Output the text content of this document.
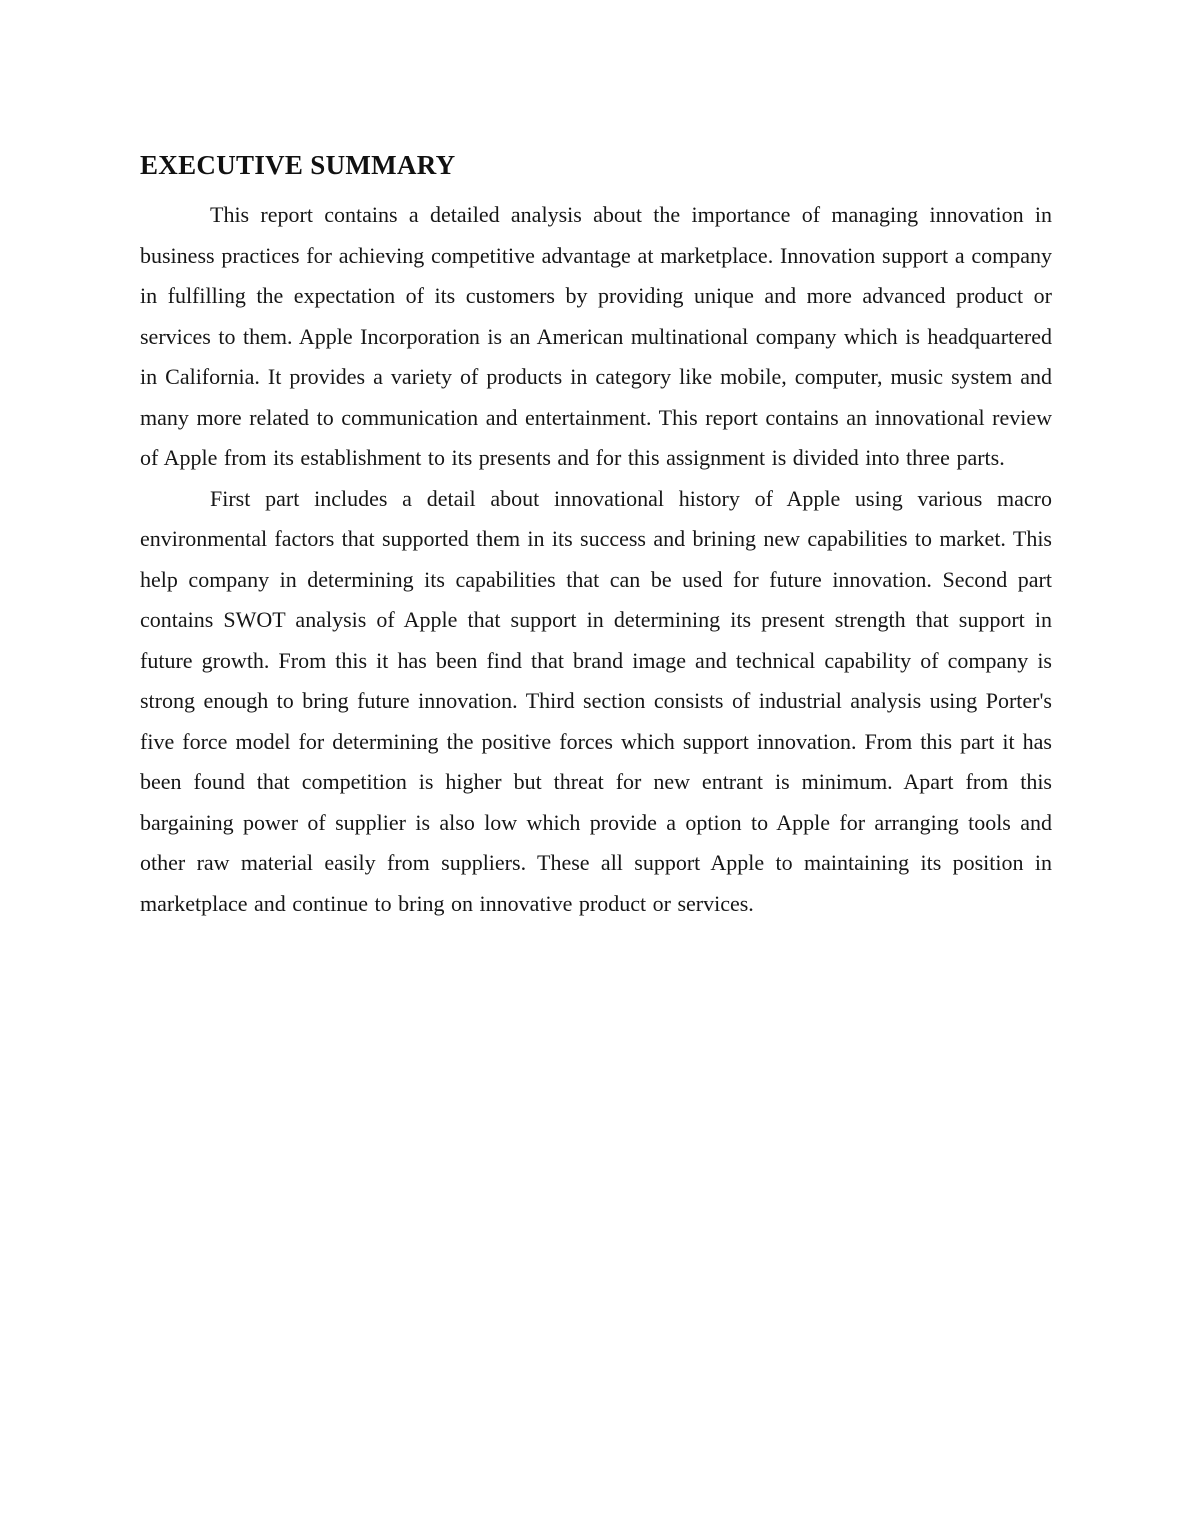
EXECUTIVE SUMMARY

This report contains a detailed analysis about the importance of managing innovation in business practices for achieving competitive advantage at marketplace. Innovation support a company in fulfilling the expectation of its customers by providing unique and more advanced product or services to them. Apple Incorporation is an American multinational company which is headquartered in California. It provides a variety of products in category like mobile, computer, music system and many more related to communication and entertainment. This report contains an innovational review of Apple from its establishment to its presents and for this assignment is divided into three parts.

First part includes a detail about innovational history of Apple using various macro environmental factors that supported them in its success and brining new capabilities to market. This help company in determining its capabilities that can be used for future innovation. Second part contains SWOT analysis of Apple that support in determining its present strength that support in future growth. From this it has been find that brand image and technical capability of company is strong enough to bring future innovation. Third section consists of industrial analysis using Porter's five force model for determining the positive forces which support innovation. From this part it has been found that competition is higher but threat for new entrant is minimum. Apart from this bargaining power of supplier is also low which provide a option to Apple for arranging tools and other raw material easily from suppliers. These all support Apple to maintaining its position in marketplace and continue to bring on innovative product or services.
